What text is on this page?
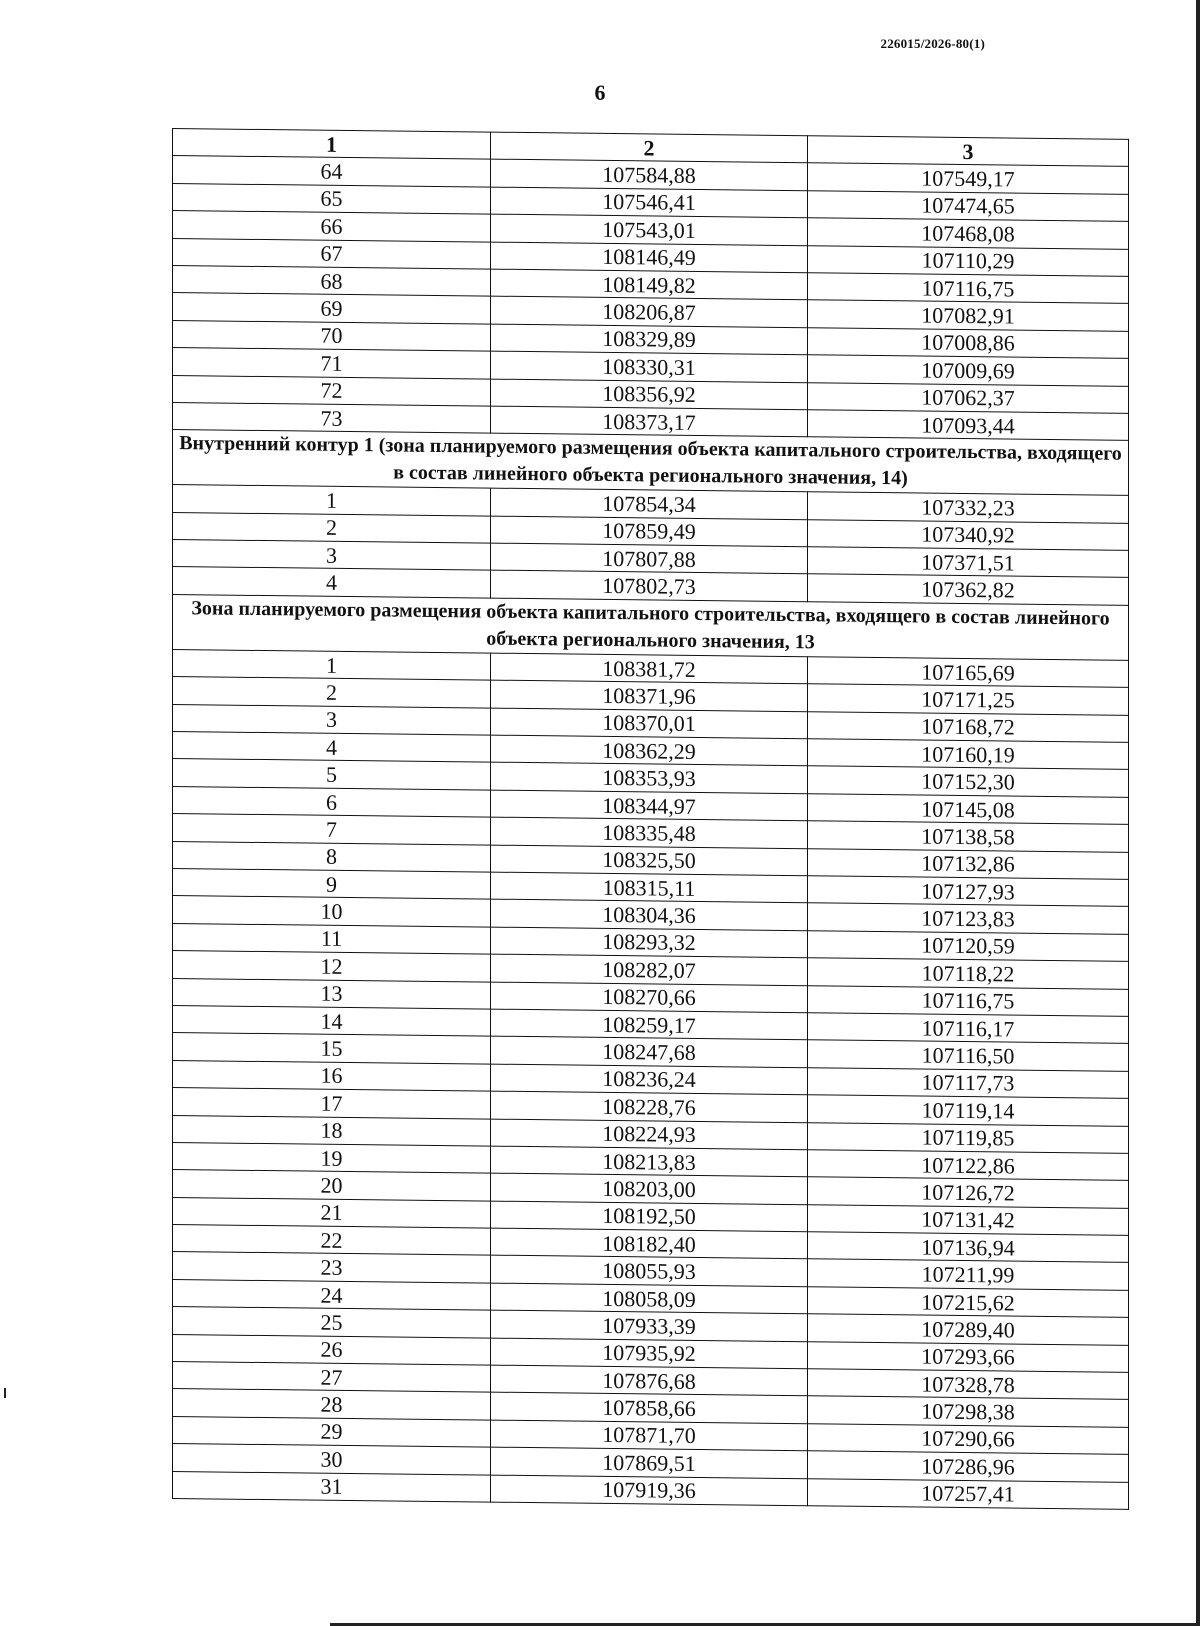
226015/2026-80(1)
6
1	2	3
64	107584,88	107549,17
65	107546,41	107474,65
66	107543,01	107468,08
67	108146,49	107110,29
68	108149,82	107116,75
69	108206,87	107082,91
70	108329,89	107008,86
71	108330,31	107009,69
72	108356,92	107062,37
73	108373,17	107093,44
Внутренний контур 1 (зона планируемого размещения объекта капитального строительства, входящего в состав линейного объекта регионального значения, 14)		
1	107854,34	107332,23
2	107859,49	107340,92
3	107807,88	107371,51
4	107802,73	107362,82
Зона планируемого размещения объекта капитального строительства, входящего в состав линейного объекта регионального значения, 13		
1	108381,72	107165,69
2	108371,96	107171,25
3	108370,01	107168,72
4	108362,29	107160,19
5	108353,93	107152,30
6	108344,97	107145,08
7	108335,48	107138,58
8	108325,50	107132,86
9	108315,11	107127,93
10	108304,36	107123,83
11	108293,32	107120,59
12	108282,07	107118,22
13	108270,66	107116,75
14	108259,17	107116,17
15	108247,68	107116,50
16	108236,24	107117,73
17	108228,76	107119,14
18	108224,93	107119,85
19	108213,83	107122,86
20	108203,00	107126,72
21	108192,50	107131,42
22	108182,40	107136,94
23	108055,93	107211,99
24	108058,09	107215,62
25	107933,39	107289,40
26	107935,92	107293,66
27	107876,68	107328,78
28	107858,66	107298,38
29	107871,70	107290,66
30	107869,51	107286,96
31	107919,36	107257,41
